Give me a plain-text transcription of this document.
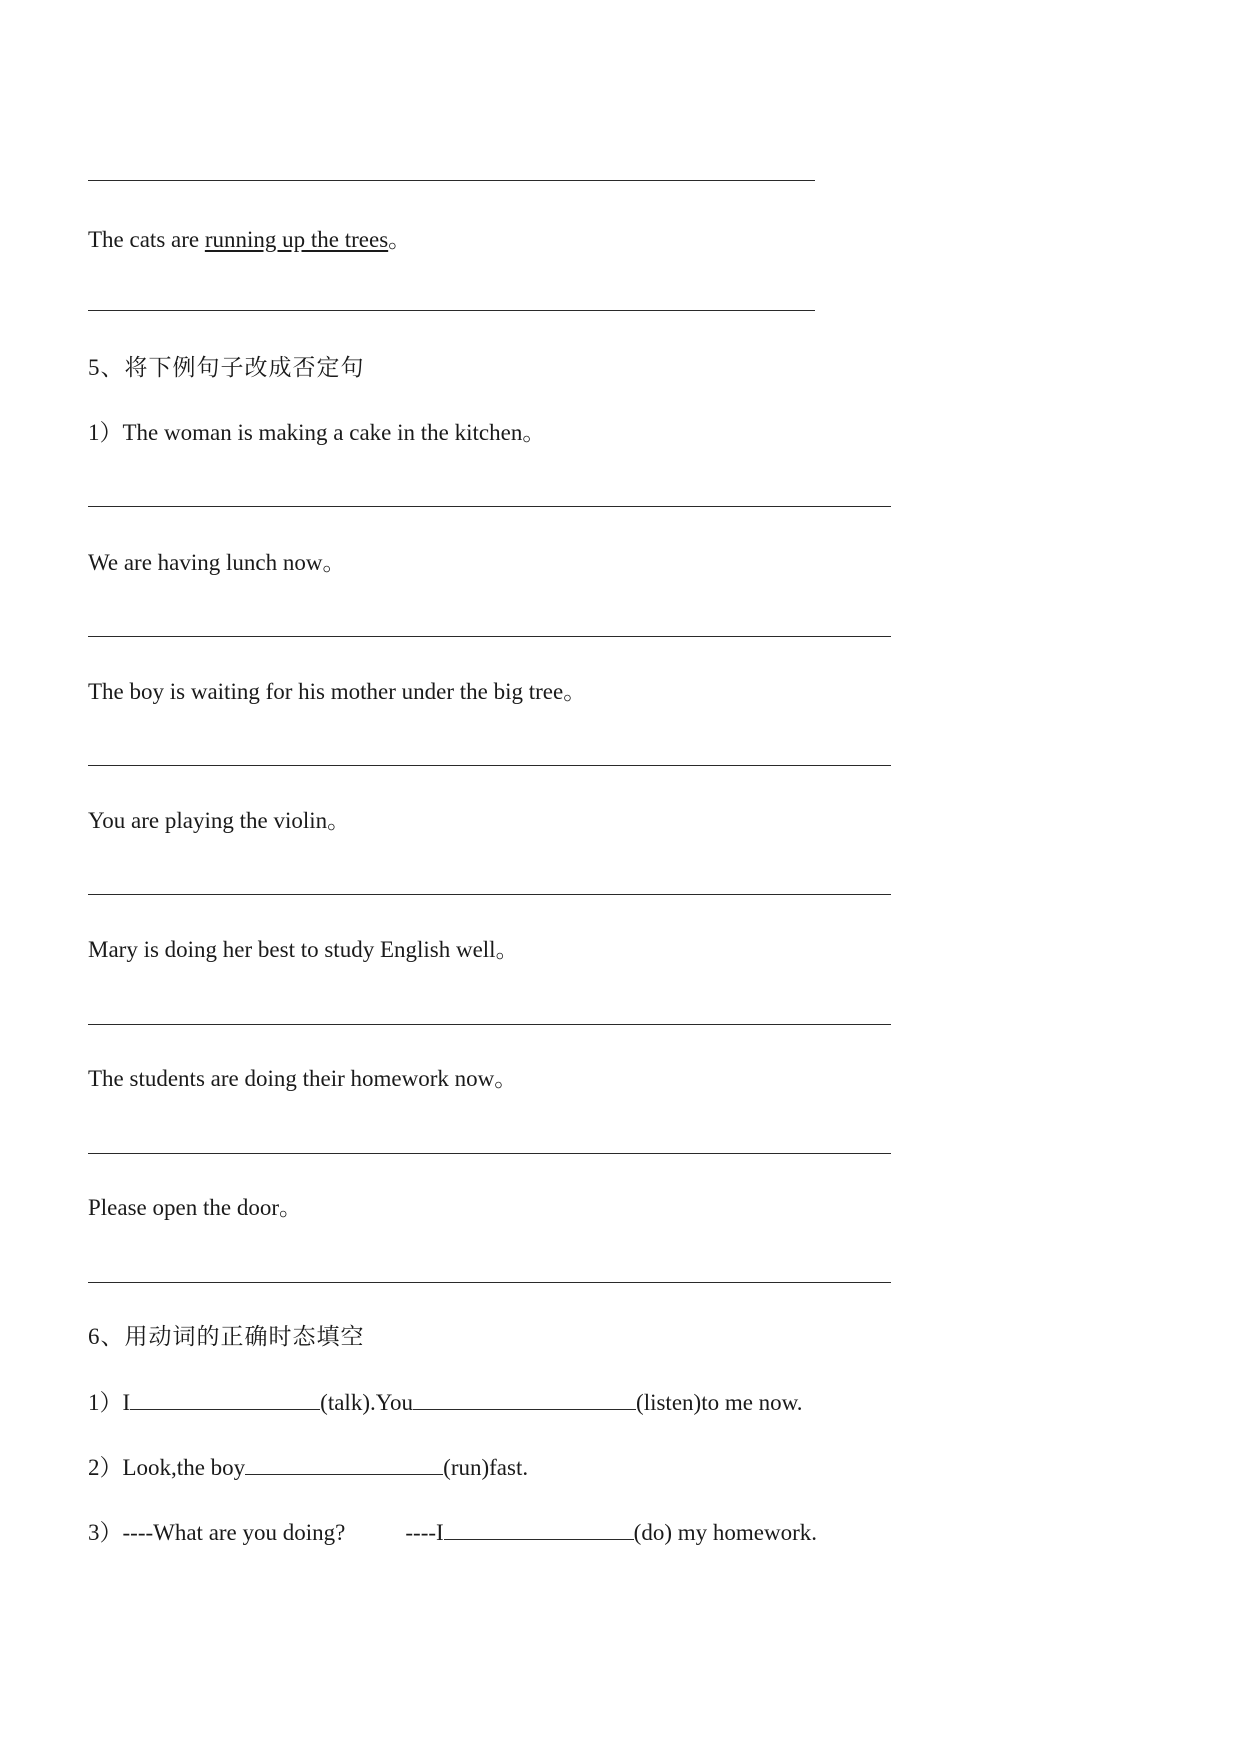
The cats are running up the trees。
5、将下例句子改成否定句
1）The woman is making a cake in the kitchen。
We are having lunch now。
The boy is waiting for his mother under the big tree。
You are playing the violin。
Mary is doing her best to study English well。
The students are doing their homework now。
Please open the door。
6、用动词的正确时态填空
1）I	(talk).You	(listen)to me now.
2）Look,the boy	(run)fast.
3）----What are you doing?	----I	(do) my homework.
